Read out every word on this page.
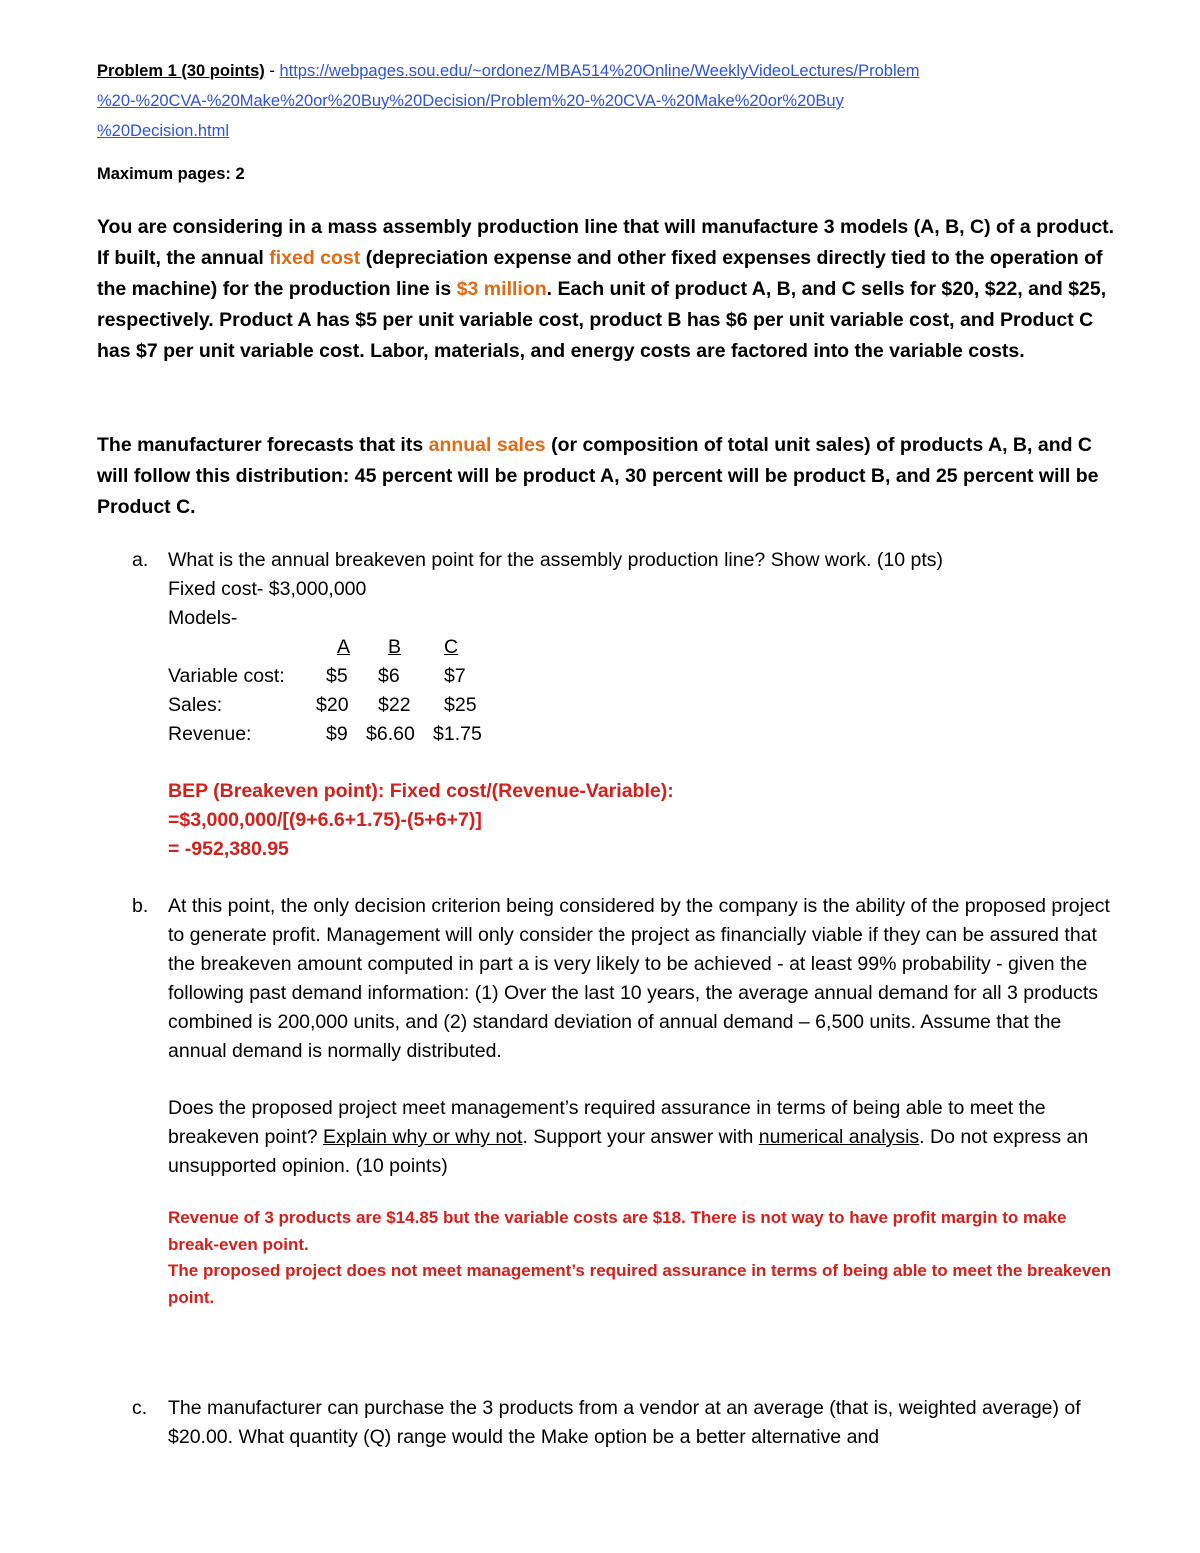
Problem 1 (30 points) - https://webpages.sou.edu/~ordonez/MBA514%20Online/WeeklyVideoLectures/Problem
%20-%20CVA-%20Make%20or%20Buy%20Decision/Problem%20-%20CVA-%20Make%20or%20Buy
%20Decision.html
Maximum pages: 2

You are considering in a mass assembly production line that will manufacture 3 models (A, B, C) of a product. If built, the annual fixed cost (depreciation expense and other fixed expenses directly tied to the operation of the machine) for the production line is $3 million. Each unit of product A, B, and C sells for $20, $22, and $25, respectively. Product A has $5 per unit variable cost, product B has $6 per unit variable cost, and Product C has $7 per unit variable cost. Labor, materials, and energy costs are factored into the variable costs.

The manufacturer forecasts that its annual sales (or composition of total unit sales) of products A, B, and C will follow this distribution: 45 percent will be product A, 30 percent will be product B, and 25 percent will be Product C.

a. What is the annual breakeven point for the assembly production line? Show work. (10 pts)
Fixed cost- $3,000,000
Models-
A B C
Variable cost: $5 $6 $7
Sales:	$20 $22 $25
Revenue:	$9 $6.60 $1.75
BEP (Breakeven point): Fixed cost/(Revenue-Variable):
=$3,000,000/[(9+6.6+1.75)-(5+6+7)]
= -952,380.95
b. At this point, the only decision criterion being considered by the company is the ability of the proposed project to generate profit. Management will only consider the project as financially viable if they can be assured that the breakeven amount computed in part a is very likely to be achieved - at least 99% probability - given the following past demand information: (1) Over the last 10 years, the average annual demand for all 3 products combined is 200,000 units, and (2) standard deviation of annual demand – 6,500 units. Assume that the annual demand is normally distributed.
Does the proposed project meet management’s required assurance in terms of being able to meet the breakeven point? Explain why or why not. Support your answer with numerical analysis. Do not express an unsupported opinion. (10 points)
Revenue of 3 products are $14.85 but the variable costs are $18. There is not way to have profit margin to make break-even point.
The proposed project does not meet management’s required assurance in terms of being able to meet the breakeven point.
c. The manufacturer can purchase the 3 products from a vendor at an average (that is, weighted average) of $20.00. What quantity (Q) range would the Make option be a better alternative and
